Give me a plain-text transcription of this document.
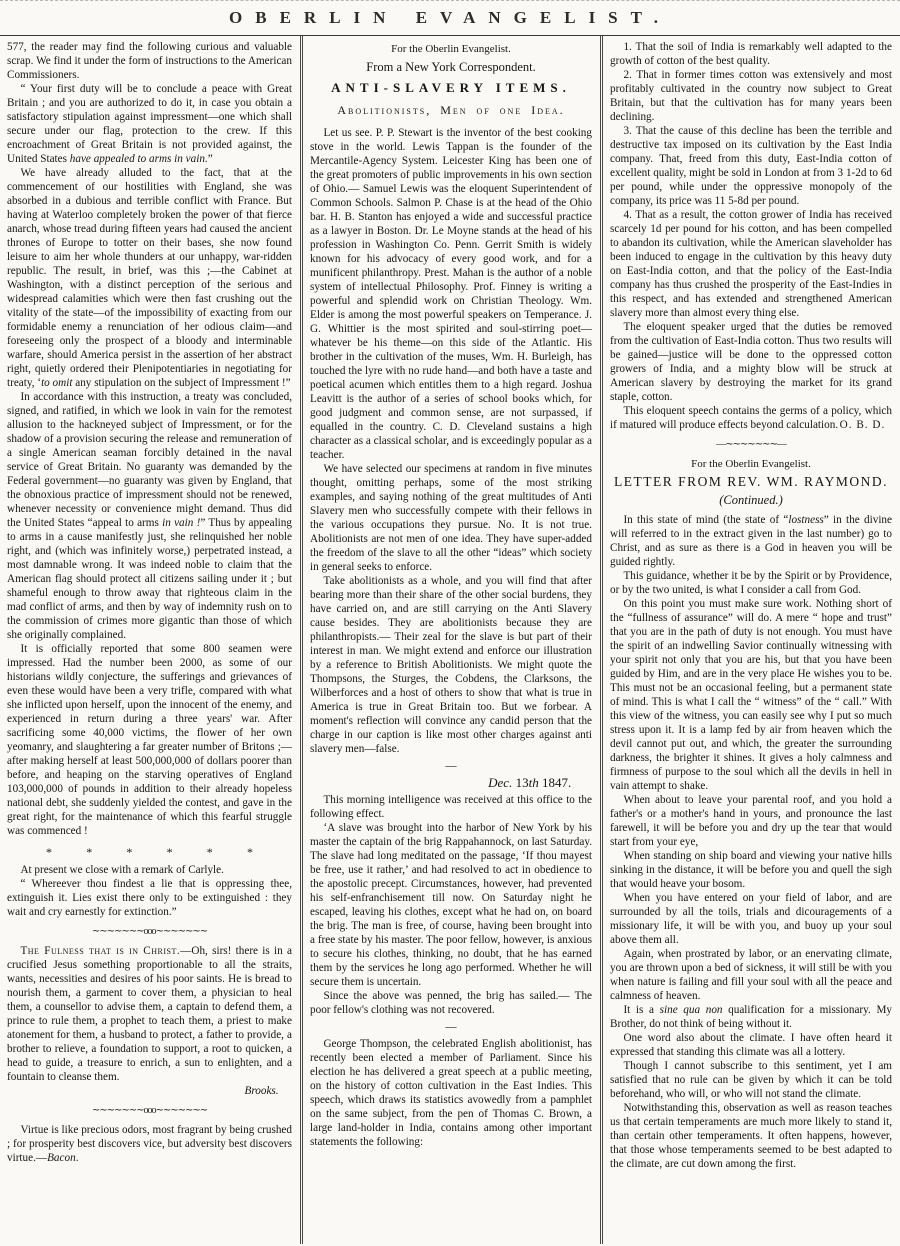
OBERLIN EVANGELIST.

577, the reader may find the following curious and valuable scrap. We find it under the form of instructions to the American Commissioners.

“ Your first duty will be to conclude a peace with Great Britain ; and you are authorized to do it, in case you obtain a satisfactory stipulation against impressment—one which shall secure under our flag, protection to the crew. If this encroachment of Great Britain is not provided against, the United States have appealed to arms in vain.”

We have already alluded to the fact, that at the commencement of our hostilities with England, she was absorbed in a dubious and terrible conflict with France. But having at Waterloo completely broken the power of that fierce anarch, whose tread during fifteen years had caused the ancient thrones of Europe to totter on their bases, she now found leisure to aim her whole thunders at our unhappy, war-ridden republic. The result, in brief, was this ;—the Cabinet at Washington, with a distinct perception of the serious and widespread calamities which were then fast crushing out the vitality of the state—of the impossibility of exacting from our formidable enemy a renunciation of her odious claim—and foreseeing only the prospect of a bloody and interminable warfare, should America persist in the assertion of her abstract right, quietly ordered their Plenipotentiaries in negotiating for treaty, ‘to omit any stipulation on the subject of Impressment !”

In accordance with this instruction, a treaty was concluded, signed, and ratified, in which we look in vain for the remotest allusion to the hackneyed subject of Impressment, or for the shadow of a provision securing the release and remuneration of a single American seaman forcibly detained in the naval service of Great Britain. No guaranty was demanded by the Federal government—no guaranty was given by England, that the obnoxious practice of impressment should not be renewed, whenever necessity or convenience might demand. Thus did the United States “appeal to arms in vain !” Thus by appealing to arms in a cause manifestly just, she relinquished her noble right, and (which was infinitely worse,) perpetrated instead, a most damnable wrong. It was indeed noble to claim that the American flag should protect all citizens sailing under it ; but shameful enough to throw away that righteous claim in the mad conflict of arms, and then by way of indemnity rush on to the commission of crimes more gigantic than those of which she originally complained.

It is officially reported that some 800 seamen were impressed. Had the number been 2000, as some of our historians wildly conjecture, the sufferings and grievances of even these would have been a very trifle, compared with what she inflicted upon herself, upon the innocent of the enemy, and experienced in return during a three years' war. After sacrificing some 40,000 victims, the flower of her own yeomanry, and slaughtering a far greater number of Britons ;—after making herself at least 500,000,000 of dollars poorer than before, and heaping on the starving operatives of England 103,000,000 of pounds in addition to their already hopeless national debt, she suddenly yielded the contest, and gave in the great right, for the maintenance of which this fearful struggle was commenced !

* * * * * *

At present we close with a remark of Carlyle.

“ Whereever thou findest a lie that is oppressing thee, extinguish it. Lies exist there only to be extinguished : they wait and cry earnestly for extinction.”

∼∼∼∼∼∼∼ooo∼∼∼∼∼∼∼

The Fulness that is in Christ.—Oh, sirs! there is in a crucified Jesus something proportionable to all the straits, wants, necessities and desires of his poor saints. He is bread to nourish them, a garment to cover them, a physician to heal them, a counsellor to advise them, a captain to defend them, a prince to rule them, a prophet to teach them, a priest to make atonement for them, a husband to protect, a father to provide, a brother to relieve, a foundation to support, a root to quicken, a head to guide, a treasure to enrich, a sun to enlighten, and a fountain to cleanse them.

Brooks.
∼∼∼∼∼∼∼ooo∼∼∼∼∼∼∼

Virtue is like precious odors, most fragrant by being crushed ; for prosperity best discovers vice, but adversity best discovers virtue.—Bacon.

For the Oberlin Evangelist.
From a New York Correspondent.
ANTI-SLAVERY ITEMS.
Abolitionists, Men of one Idea.

Let us see. P. P. Stewart is the inventor of the best cooking stove in the world. Lewis Tappan is the founder of the Mercantile-Agency System. Leicester King has been one of the great promoters of public improvements in his own section of Ohio.— Samuel Lewis was the eloquent Superintendent of Common Schools. Salmon P. Chase is at the head of the Ohio bar. H. B. Stanton has enjoyed a wide and successful practice as a lawyer in Boston. Dr. Le Moyne stands at the head of his profession in Washington Co. Penn. Gerrit Smith is widely known for his advocacy of every good work, and for a munificent philanthropy. Prest. Mahan is the author of a noble system of intellectual Philosophy. Prof. Finney is writing a powerful and splendid work on Christian Theology. Wm. Elder is among the most powerful speakers on Temperance. J. G. Whittier is the most spirited and soul-stirring poet—whatever be his theme—on this side of the Atlantic. His brother in the cultivation of the muses, Wm. H. Burleigh, has touched the lyre with no rude hand—and both have a taste and poetical acumen which entitles them to a high regard. Joshua Leavitt is the author of a series of school books which, for good judgment and common sense, are not surpassed, if equalled in the country. C. D. Cleveland sustains a high character as a classical scholar, and is exceedingly popular as a teacher.

We have selected our specimens at random in five minutes thought, omitting perhaps, some of the most striking examples, and saying nothing of the great multitudes of Anti Slavery men who successfully compete with their fellows in the various occupations they pursue. No. It is not true. Abolitionists are not men of one idea. They have super-added the freedom of the slave to all the other “ideas” which society in general seeks to enforce.

Take abolitionists as a whole, and you will find that after bearing more than their share of the other social burdens, they have carried on, and are still carrying on the Anti Slavery cause besides. They are abolitionists because they are philanthropists.— Their zeal for the slave is but part of their interest in man. We might extend and enforce our illustration by a reference to British Abolitionists. We might quote the Thompsons, the Sturges, the Cobdens, the Clarksons, the Wilberforces and a host of others to show that what is true in America is true in Great Britain too. But we forbear. A moment's reflection will convince any candid person that the charge in our caption is like most other charges against anti slavery men—false.

—
Dec. 13th 1847.

This morning intelligence was received at this office to the following effect.

‘A slave was brought into the harbor of New York by his master the captain of the brig Rappahannock, on last Saturday. The slave had long meditated on the passage, ‘If thou mayest be free, use it rather,’ and had resolved to act in obedience to the apostolic precept. Circumstances, however, had prevented his self-enfranchisement till now. On Saturday night he escaped, leaving his clothes, except what he had on, on board the brig. The man is free, of course, having been brought into a free state by his master. The poor fellow, however, is anxious to secure his clothes, thinking, no doubt, that he has earned them by the services he long ago performed. Whether he will secure them is uncertain.

Since the above was penned, the brig has sailed.— The poor fellow's clothing was not recovered.

—

George Thompson, the celebrated English abolitionist, has recently been elected a member of Parliament. Since his election he has delivered a great speech at a public meeting, on the history of cotton cultivation in the East Indies. This speech, which draws its statistics avowedly from a pamphlet on the same subject, from the pen of Thomas C. Brown, a large land-holder in India, contains among other important statements the following:

1. That the soil of India is remarkably well adapted to the growth of cotton of the best quality.

2. That in former times cotton was extensively and most profitably cultivated in the country now subject to Great Britain, but that the cultivation has for many years been declining.

3. That the cause of this decline has been the terrible and destructive tax imposed on its cultivation by the East India company. That, freed from this duty, East-India cotton of excellent quality, might be sold in London at from 3 1-2d to 6d per pound, while under the oppressive monopoly of the company, its price was 11 5-8d per pound.

4. That as a result, the cotton grower of India has received scarcely 1d per pound for his cotton, and has been compelled to abandon its cultivation, while the American slaveholder has been induced to engage in the cultivation by this heavy duty on East-India cotton, and that the policy of the East-India company has thus crushed the prosperity of the East-Indies in this respect, and has extended and strengthened American slavery more than almost every thing else.

The eloquent speaker urged that the duties be removed from the cultivation of East-India cotton. Thus two results will be gained—justice will be done to the oppressed cotton growers of India, and a mighty blow will be struck at American slavery by destroying the market for its grand staple, cotton.

This eloquent speech contains the germs of a policy, which if matured will produce effects beyond calculation. O. B. D.

—∼∼∼∼∼∼∼—
For the Oberlin Evangelist.
LETTER FROM REV. WM. RAYMOND.
(Continued.)

In this state of mind (the state of “lostness” in the divine will referred to in the extract given in the last number) go to Christ, and as sure as there is a God in heaven you will be guided rightly.

This guidance, whether it be by the Spirit or by Providence, or by the two united, is what I consider a call from God.

On this point you must make sure work. Nothing short of the “fullness of assurance” will do. A mere “ hope and trust” that you are in the path of duty is not enough. You must have the spirit of an indwelling Savior continually witnessing with your spirit not only that you are his, but that you have been guided by Him, and are in the very place He wishes you to be. This must not be an occasional feeling, but a permanent state of mind. This is what I call the “ witness” of the “ call.” With this view of the witness, you can easily see why I put so much stress upon it. It is a lamp fed by air from heaven which the devil cannot put out, and which, the greater the surrounding darkness, the brighter it shines. It gives a holy calmness and firmness of purpose to the soul which all the devils in hell in vain attempt to shake.

When about to leave your parental roof, and you hold a father's or a mother's hand in yours, and pronounce the last farewell, it will be before you and dry up the tear that would start from your eye,

When standing on ship board and viewing your native hills sinking in the distance, it will be before you and quell the sigh that would heave your bosom.

When you have entered on your field of labor, and are surrounded by all the toils, trials and dicouragements of a missionary life, it will be with you, and buoy up your soul above them all.

Again, when prostrated by labor, or an enervating climate, you are thrown upon a bed of sickness, it will still be with you when nature is failing and fill your soul with all the peace and calmness of heaven.

It is a sine qua non qualification for a missionary. My Brother, do not think of being without it.

One word also about the climate. I have often heard it expressed that standing this climate was all a lottery.

Though I cannot subscribe to this sentiment, yet I am satisfied that no rule can be given by which it can be told beforehand, who will, or who will not stand the climate.

Notwithstanding this, observation as well as reason teaches us that certain temperaments are much more likely to stand it, than certain other temperaments. It often happens, however, that those whose temperaments seemed to be best adapted to the climate, are cut down among the first.
